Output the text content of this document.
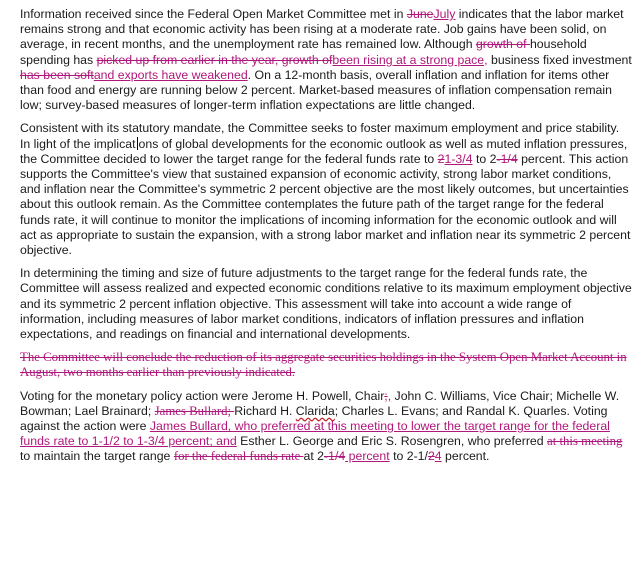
Information received since the Federal Open Market Committee met in JuneJuly indicates that the labor market remains strong and that economic activity has been rising at a moderate rate. Job gains have been solid, on average, in recent months, and the unemployment rate has remained low. Although growth of household spending has picked up from earlier in the year, growth ofbeen rising at a strong pace, business fixed investment has been softand exports have weakened. On a 12-month basis, overall inflation and inflation for items other than food and energy are running below 2 percent. Market-based measures of inflation compensation remain low; survey-based measures of longer-term inflation expectations are little changed.

Consistent with its statutory mandate, the Committee seeks to foster maximum employment and price stability. In light of the implicat ons of global developments for the economic outlook as well as muted inflation pressures, the Committee decided to lower the target range for the federal funds rate to 21-3/4 to 2-1/4 percent. This action supports the Committee's view that sustained expansion of economic activity, strong labor market conditions, and inflation near the Committee's symmetric 2 percent objective are the most likely outcomes, but uncertainties about this outlook remain. As the Committee contemplates the future path of the target range for the federal funds rate, it will continue to monitor the implications of incoming information for the economic outlook and will act as appropriate to sustain the expansion, with a strong labor market and inflation near its symmetric 2 percent objective.

In determining the timing and size of future adjustments to the target range for the federal funds rate, the Committee will assess realized and expected economic conditions relative to its maximum employment objective and its symmetric 2 percent inflation objective. This assessment will take into account a wide range of information, including measures of labor market conditions, indicators of inflation pressures and inflation expectations, and readings on financial and international developments.

The Committee will conclude the reduction of its aggregate securities holdings in the System Open Market Account in August, two months earlier than previously indicated.

Voting for the monetary policy action were Jerome H. Powell, Chair;, John C. Williams, Vice Chair; Michelle W. Bowman; Lael Brainard; James Bullard; Richard H. Clarida; Charles L. Evans; and Randal K. Quarles. Voting against the action were James Bullard, who preferred at this meeting to lower the target range for the federal funds rate to 1-1/2 to 1-3/4 percent; and Esther L. George and Eric S. Rosengren, who preferred at this meeting to maintain the target range for the federal funds rate at 2-1/4 percent to 2-1/24 percent.
